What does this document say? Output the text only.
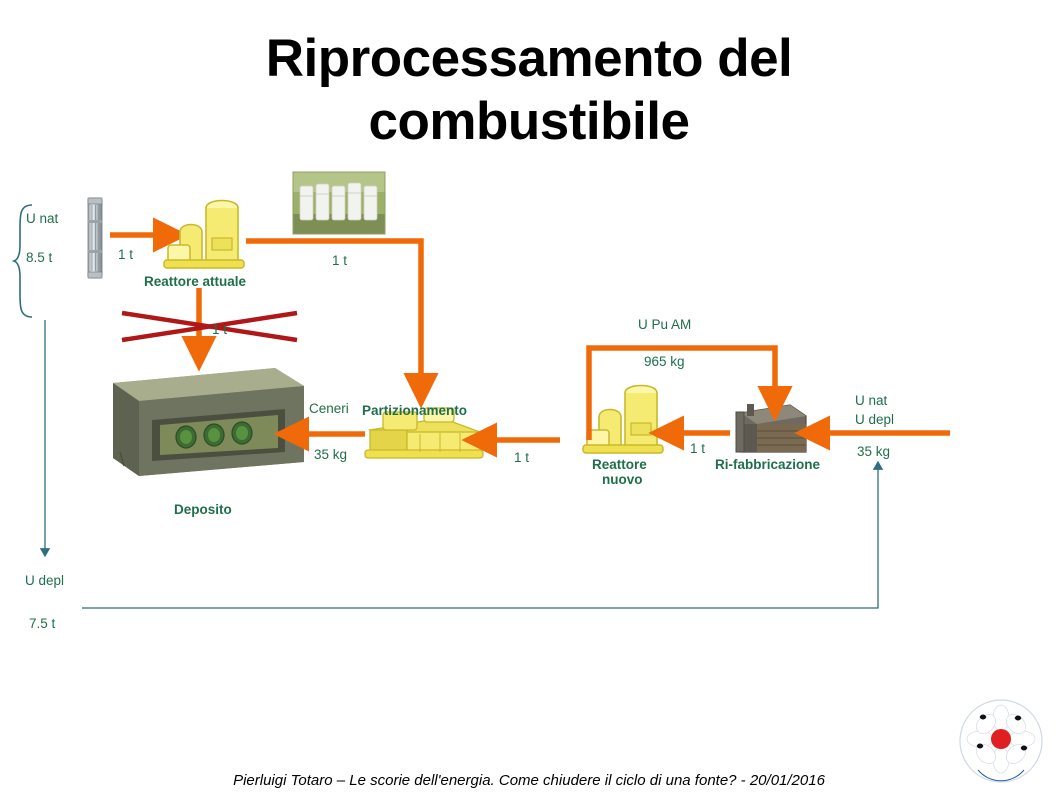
Riprocessamento del
combustibile
U nat
8.5 t	1 t
Reattore attuale
1 t
1 t
Deposito
Partizionamento
Ceneri
35 kg	1 t	Reattore
nuovo
U Pu AM
965 kg
1 t
Ri-fabbricazione
U nat
U depl
35 kg
U depl
7.5 t
Pierluigi Totaro – Le scorie dell'energia. Come chiudere il ciclo di una fonte? - 20/01/2016
